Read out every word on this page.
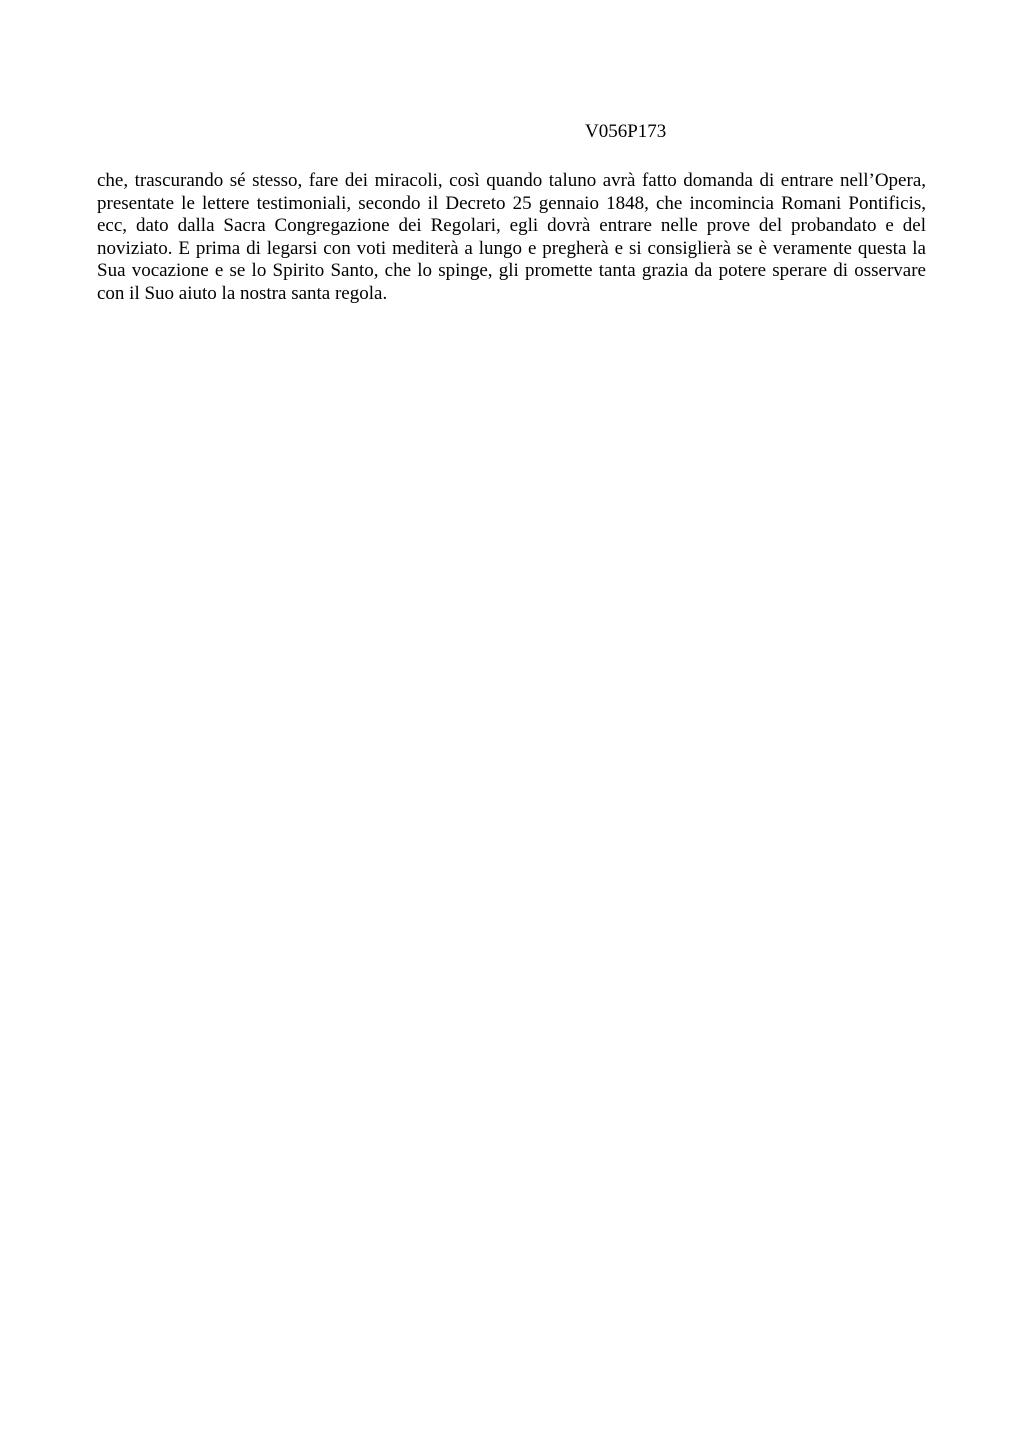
V056P173

che, trascurando sé stesso, fare dei miracoli, così quando taluno avrà fatto domanda di entrare nell’Opera, presentate le lettere testimoniali, secondo il Decreto 25 gennaio 1848, che incomincia Romani Pontificis, ecc, dato dalla Sacra Congregazione dei Regolari, egli dovrà entrare nelle prove del probandato e del noviziato. E prima di legarsi con voti mediterà a lungo e pregherà e si consiglierà se è veramente questa la Sua vocazione e se lo Spirito Santo, che lo spinge, gli promette tanta grazia da potere sperare di osservare con il Suo aiuto la nostra santa regola.
